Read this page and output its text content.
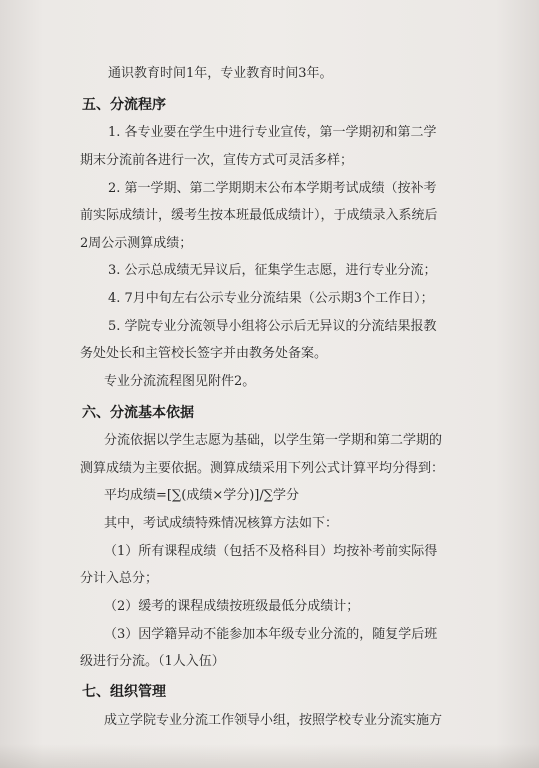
通识教育时间1年，专业教育时间3年。
五、分流程序
1. 各专业要在学生中进行专业宣传，第一学期初和第二学
期末分流前各进行一次，宣传方式可灵活多样；
2. 第一学期、第二学期期末公布本学期考试成绩（按补考
前实际成绩计，缓考生按本班最低成绩计），于成绩录入系统后
2周公示测算成绩；
3. 公示总成绩无异议后，征集学生志愿，进行专业分流；
4. 7月中旬左右公示专业分流结果（公示期3个工作日）；
5. 学院专业分流领导小组将公示后无异议的分流结果报教
务处处长和主管校长签字并由教务处备案。
专业分流流程图见附件2。
六、分流基本依据
分流依据以学生志愿为基础，以学生第一学期和第二学期的
测算成绩为主要依据。测算成绩采用下列公式计算平均分得到：
平均成绩=[∑(成绩×学分)]/∑学分
其中，考试成绩特殊情况核算方法如下：
（1）所有课程成绩（包括不及格科目）均按补考前实际得
分计入总分；
（2）缓考的课程成绩按班级最低分成绩计；
（3）因学籍异动不能参加本年级专业分流的，随复学后班
级进行分流。（1人入伍）
七、组织管理
成立学院专业分流工作领导小组，按照学校专业分流实施方
